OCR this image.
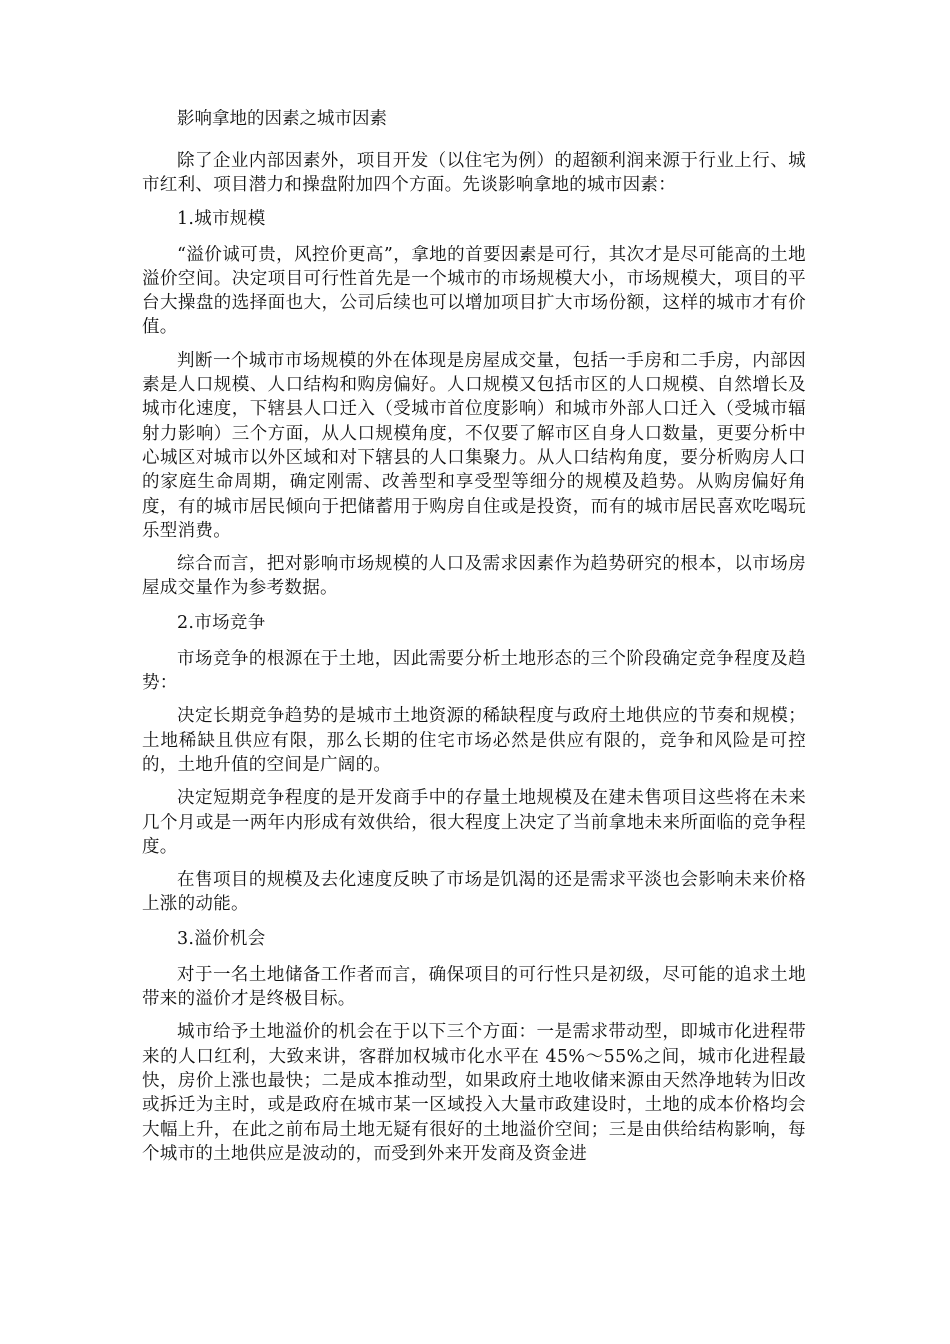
影响拿地的因素之城市因素

除了企业内部因素外，项目开发（以住宅为例）的超额利润来源于行业上行、城市红利、项目潜力和操盘附加四个方面。先谈影响拿地的城市因素：

1.城市规模

“溢价诚可贵，风控价更高”，拿地的首要因素是可行，其次才是尽可能高的土地溢价空间。决定项目可行性首先是一个城市的市场规模大小，市场规模大，项目的平台大操盘的选择面也大，公司后续也可以增加项目扩大市场份额，这样的城市才有价值。

判断一个城市市场规模的外在体现是房屋成交量，包括一手房和二手房，内部因素是人口规模、人口结构和购房偏好。人口规模又包括市区的人口规模、自然增长及城市化速度，下辖县人口迁入（受城市首位度影响）和城市外部人口迁入（受城市辐射力影响）三个方面，从人口规模角度，不仅要了解市区自身人口数量，更要分析中心城区对城市以外区域和对下辖县的人口集聚力。从人口结构角度，要分析购房人口的家庭生命周期，确定刚需、改善型和享受型等细分的规模及趋势。从购房偏好角度，有的城市居民倾向于把储蓄用于购房自住或是投资，而有的城市居民喜欢吃喝玩乐型消费。

综合而言，把对影响市场规模的人口及需求因素作为趋势研究的根本，以市场房屋成交量作为参考数据。

2.市场竞争

市场竞争的根源在于土地，因此需要分析土地形态的三个阶段确定竞争程度及趋势：

决定长期竞争趋势的是城市土地资源的稀缺程度与政府土地供应的节奏和规模；土地稀缺且供应有限，那么长期的住宅市场必然是供应有限的，竞争和风险是可控的，土地升值的空间是广阔的。

决定短期竞争程度的是开发商手中的存量土地规模及在建未售项目这些将在未来几个月或是一两年内形成有效供给，很大程度上决定了当前拿地未来所面临的竞争程度。

在售项目的规模及去化速度反映了市场是饥渴的还是需求平淡也会影响未来价格上涨的动能。

3.溢价机会

对于一名土地储备工作者而言，确保项目的可行性只是初级，尽可能的追求土地带来的溢价才是终极目标。

城市给予土地溢价的机会在于以下三个方面：一是需求带动型，即城市化进程带来的人口红利，大致来讲，客群加权城市化水平在 45%～55%之间，城市化进程最快，房价上涨也最快；二是成本推动型，如果政府土地收储来源由天然净地转为旧改或拆迁为主时，或是政府在城市某一区域投入大量市政建设时，土地的成本价格均会大幅上升，在此之前布局土地无疑有很好的土地溢价空间；三是由供给结构影响，每个城市的土地供应是波动的，而受到外来开发商及资金进
